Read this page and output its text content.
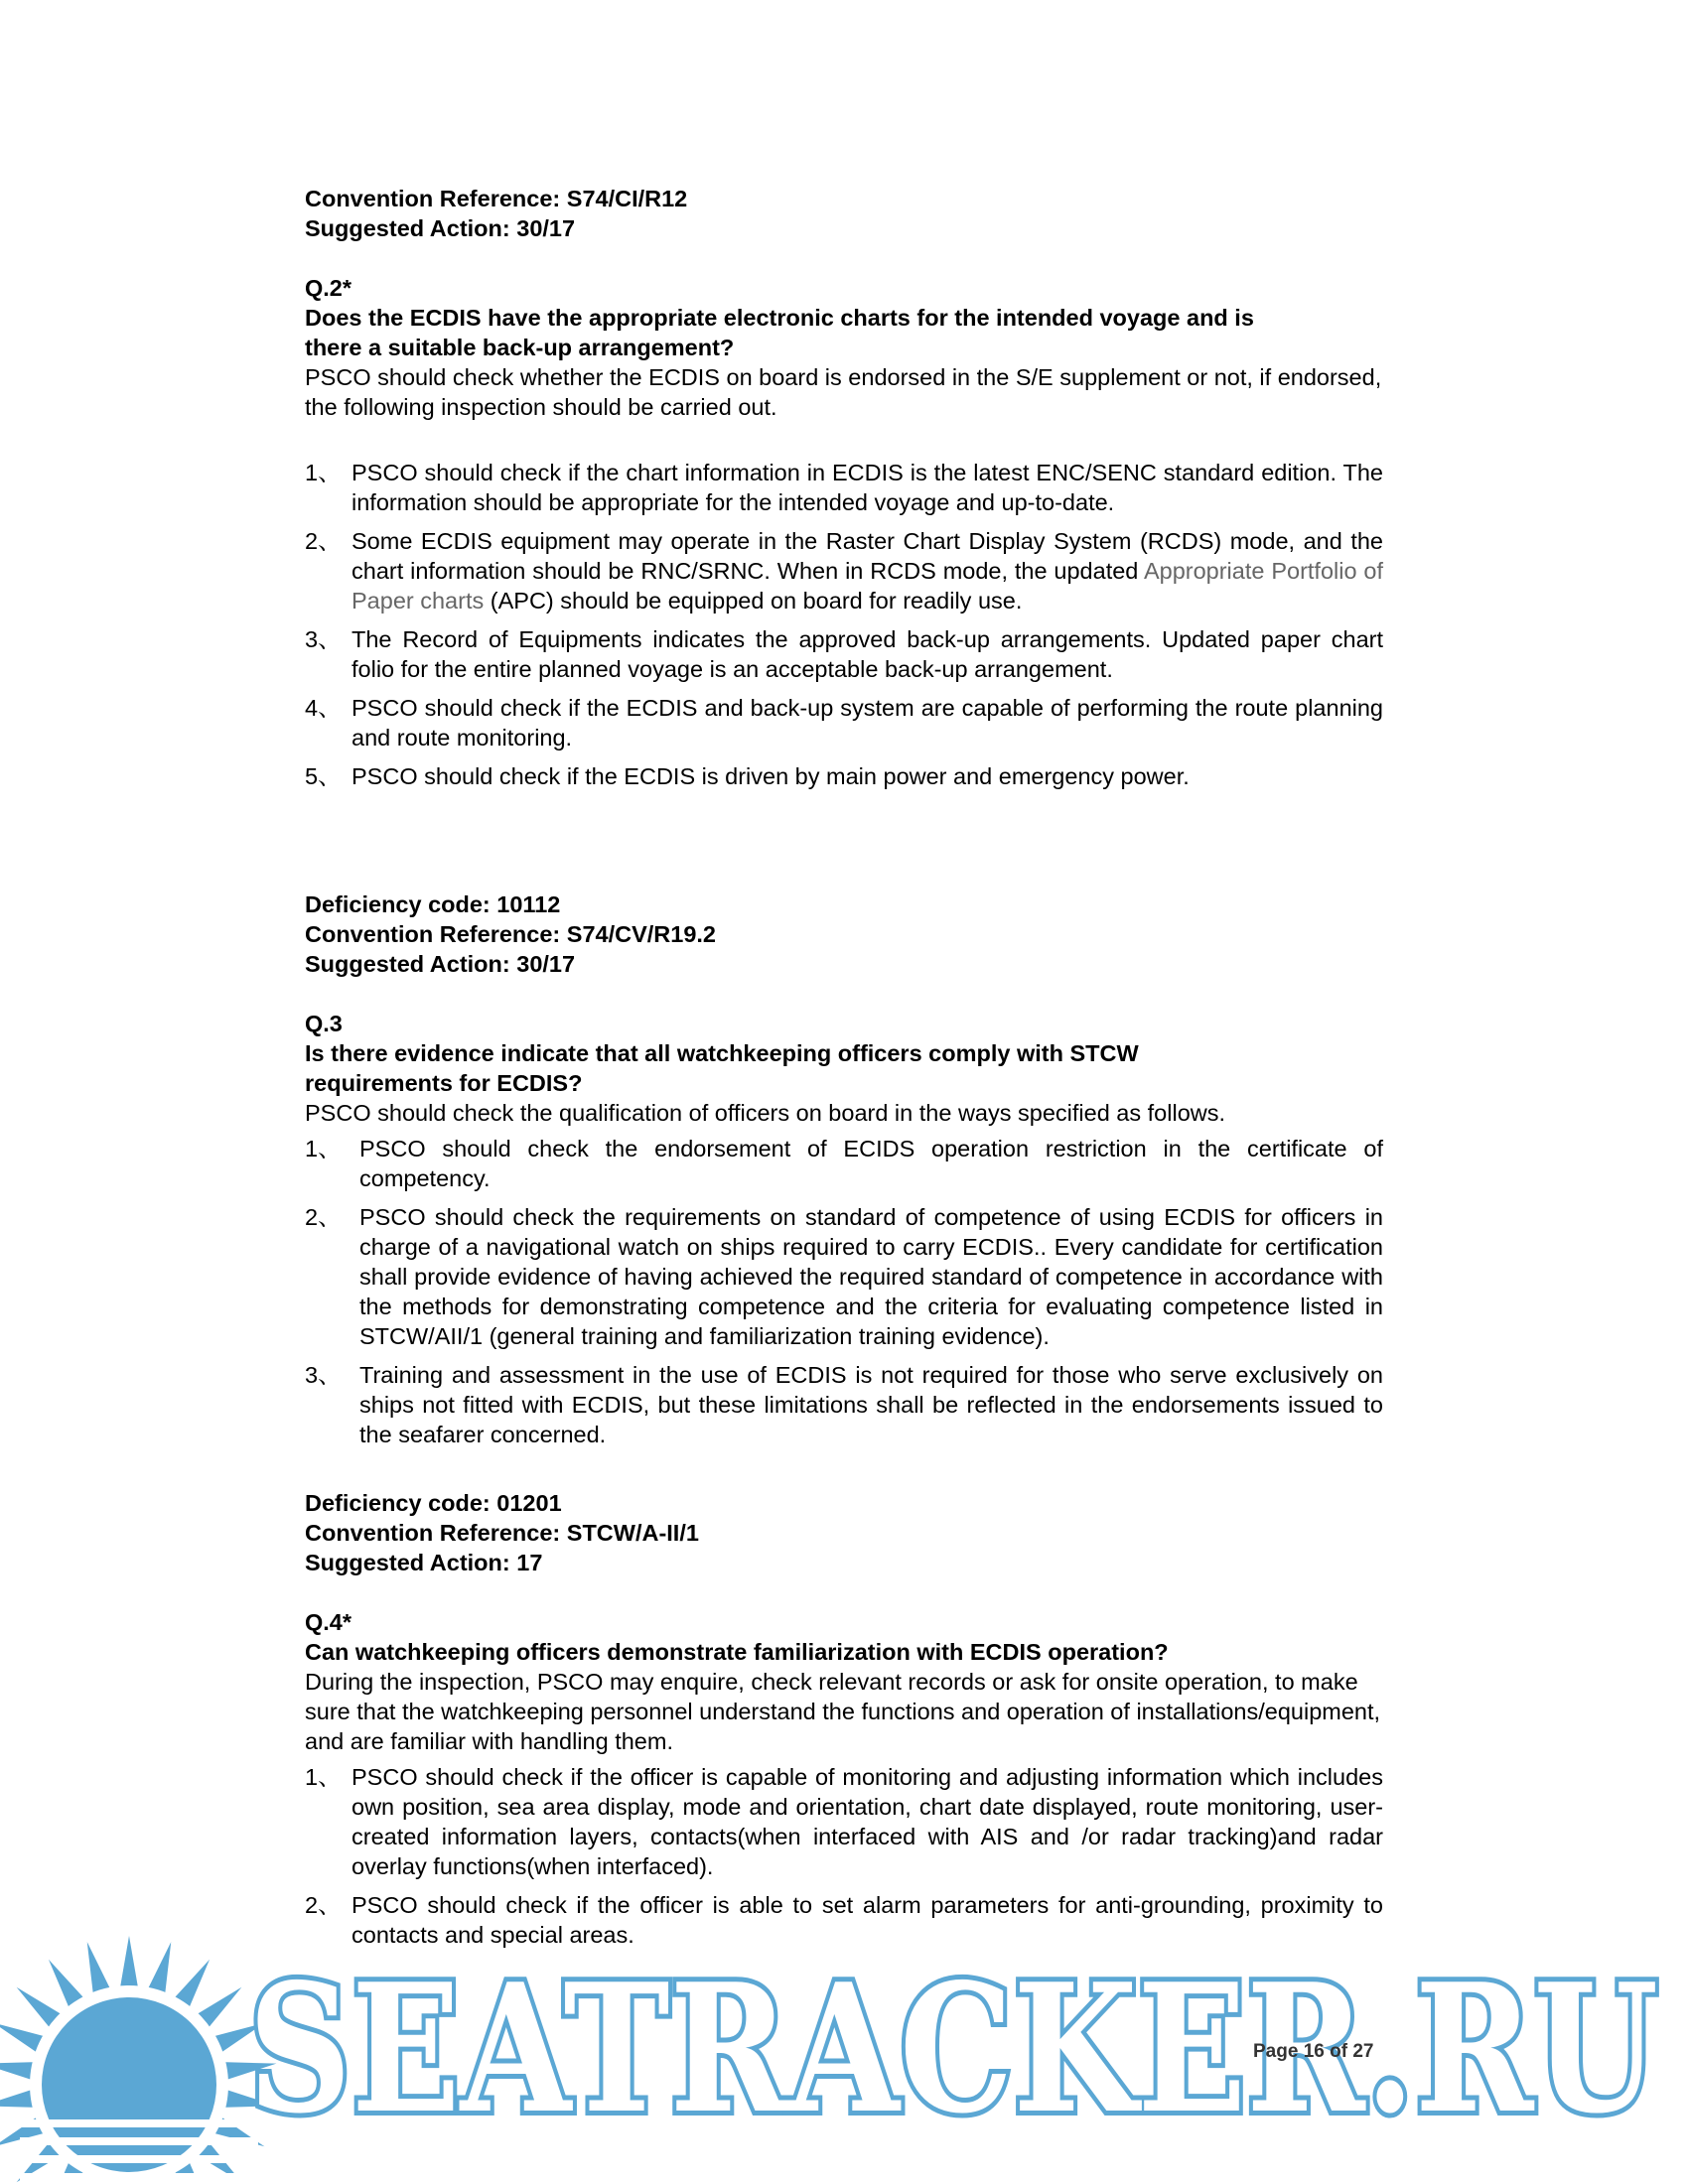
Convention Reference: S74/CI/R12

Suggested Action: 30/17

Q.2*

Does the ECDIS have the appropriate electronic charts for the intended voyage and is

there a suitable back-up arrangement?

PSCO should check whether the ECDIS on board is endorsed in the S/E supplement or not, if endorsed, the following inspection should be carried out.

1、 PSCO should check if the chart information in ECDIS is the latest ENC/SENC standard edition. The information should be appropriate for the intended voyage and up-to-date.
2、 Some ECDIS equipment may operate in the Raster Chart Display System (RCDS) mode, and the chart information should be RNC/SRNC. When in RCDS mode, the updated Appropriate Portfolio of Paper charts (APC) should be equipped on board for readily use.
3、 The Record of Equipments indicates the approved back-up arrangements. Updated paper chart folio for the entire planned voyage is an acceptable back-up arrangement.
4、 PSCO should check if the ECDIS and back-up system are capable of performing the route planning and route monitoring.
5、 PSCO should check if the ECDIS is driven by main power and emergency power.

Deficiency code: 10112

Convention Reference: S74/CV/R19.2

Suggested Action: 30/17

Q.3

Is there evidence indicate that all watchkeeping officers comply with STCW

requirements for ECDIS?

PSCO should check the qualification of officers on board in the ways specified as follows.

1、 PSCO should check the endorsement of ECIDS operation restriction in the certificate of competency.
2、 PSCO should check the requirements on standard of competence of using ECDIS for officers in charge of a navigational watch on ships required to carry ECDIS.. Every candidate for certification shall provide evidence of having achieved the required standard of competence in accordance with the methods for demonstrating competence and the criteria for evaluating competence listed in STCW/AII/1 (general training and familiarization training evidence).
3、 Training and assessment in the use of ECDIS is not required for those who serve exclusively on ships not fitted with ECDIS, but these limitations shall be reflected in the endorsements issued to the seafarer concerned.

Deficiency code: 01201

Convention Reference: STCW/A-II/1

Suggested Action: 17

Q.4*

Can watchkeeping officers demonstrate familiarization with ECDIS operation?

During the inspection, PSCO may enquire, check relevant records or ask for onsite operation, to make sure that the watchkeeping personnel understand the functions and operation of installations/equipment, and are familiar with handling them.

1、 PSCO should check if the officer is capable of monitoring and adjusting information which includes own position, sea area display, mode and orientation, chart date displayed, route monitoring, user-created information layers, contacts(when interfaced with AIS and /or radar tracking)and radar overlay functions(when interfaced).
2、 PSCO should check if the officer is able to set alarm parameters for anti-grounding, proximity to contacts and special areas.
SEATRACKER.RU
Page 16 of 27
